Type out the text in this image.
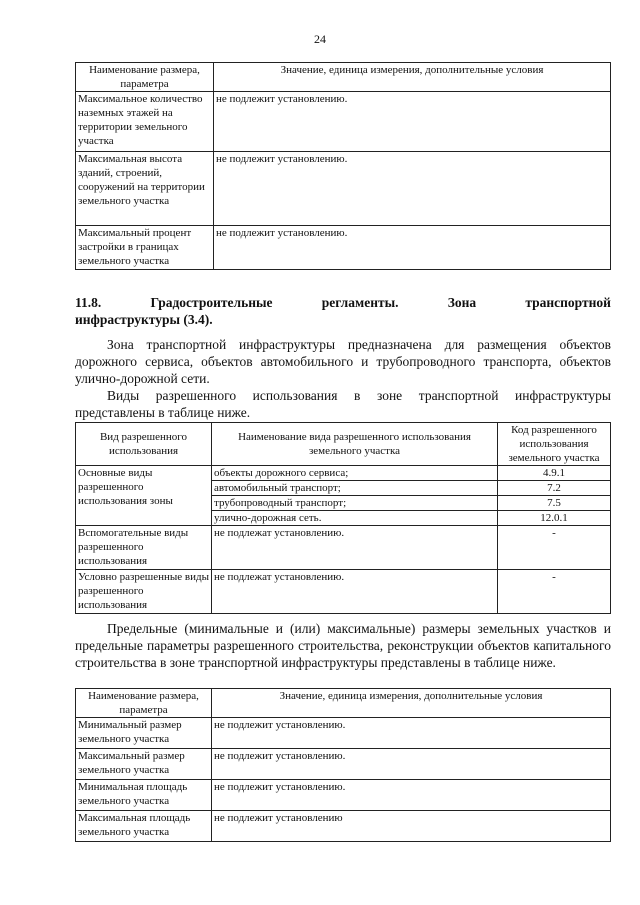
24
Наименование размера, параметра	Значение, единица измерения, дополнительные условия
Максимальное количество наземных этажей на территории земельного участка	не подлежит установлению.
Максимальная высота зданий, строений, сооружений на территории земельного участка	не подлежит установлению.
Максимальный процент застройки в границах земельного участка	не подлежит установлению.
11.8.	Градостроительные	регламенты.	Зона	транспортной
инфраструктуры (3.4).

Зона транспортной инфраструктуры предназначена для размещения объектов дорожного сервиса, объектов автомобильного и трубопроводного транспорта, объектов улично-дорожной сети.

Виды разрешенного использования в зоне транспортной инфраструктуры представлены в таблице ниже.

Вид разрешенного использования	Наименование вида разрешенного использования земельного участка	Код разрешенного использования земельного участка
Основные виды разрешенного использования зоны	объекты дорожного сервиса;	4.9.1
	автомобильный транспорт;	7.2
	трубопроводный транспорт;	7.5
	улично-дорожная сеть.	12.0.1
Вспомогательные виды разрешенного использования	не подлежат установлению.	-
Условно разрешенные виды разрешенного использования	не подлежат установлению.	-

Предельные (минимальные и (или) максимальные) размеры земельных участков и предельные параметры разрешенного строительства, реконструкции объектов капитального строительства в зоне транспортной инфраструктуры представлены в таблице ниже.

Наименование размера, параметра	Значение, единица измерения, дополнительные условия
Минимальный размер земельного участка	не подлежит установлению.
Максимальный размер земельного участка	не подлежит установлению.
Минимальная площадь земельного участка	не подлежит установлению.
Максимальная площадь земельного участка	не подлежит установлению
